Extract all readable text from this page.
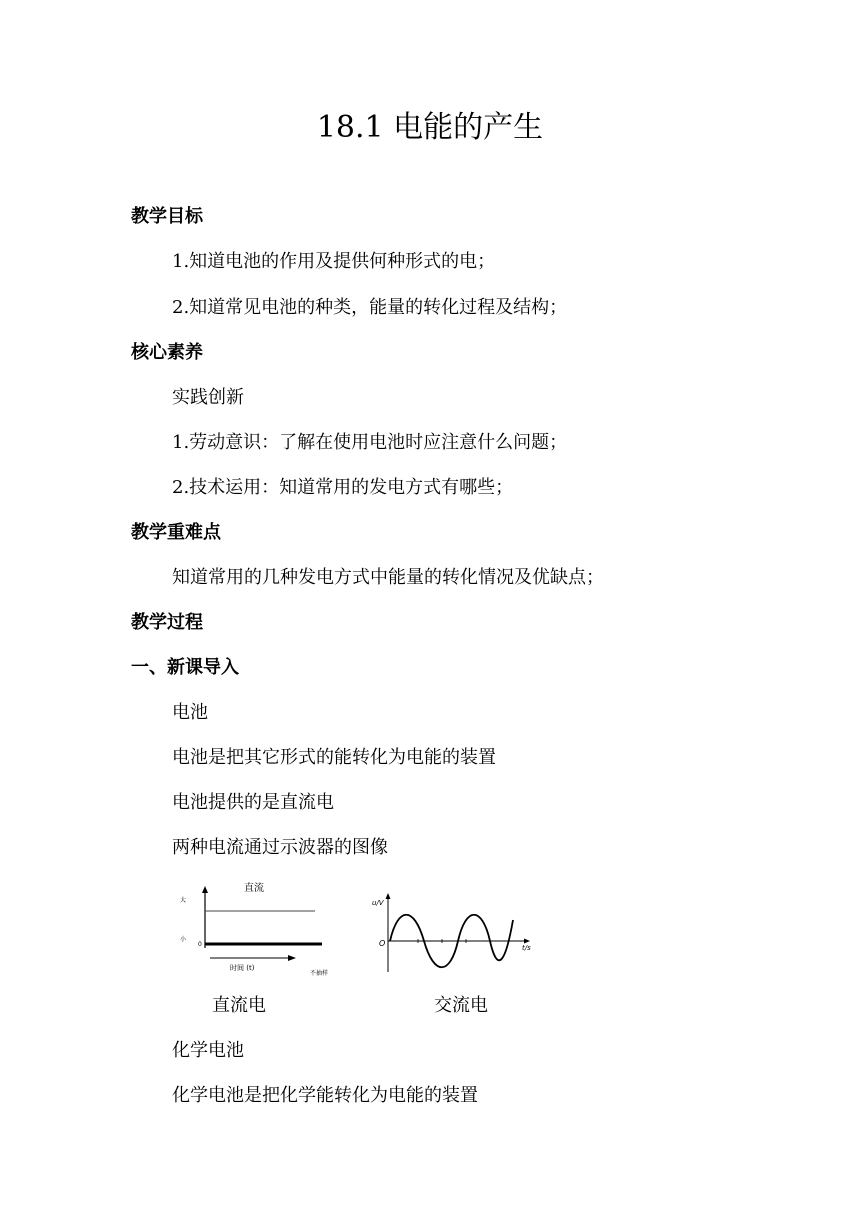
18.1 电能的产生
教学目标
1.知道电池的作用及提供何种形式的电；
2.知道常见电池的种类，能量的转化过程及结构；
核心素养
实践创新
1.劳动意识：了解在使用电池时应注意什么问题；
2.技术运用：知道常用的发电方式有哪些；
教学重难点
知道常用的几种发电方式中能量的转化情况及优缺点；
教学过程
一、新课导入
电池
电池是把其它形式的能转化为电能的装置
电池提供的是直流电
两种电流通过示波器的图像
直流
大
小
0
时间 (t)
不抽样
u/V
O	t/s
直流电	交流电
化学电池
化学电池是把化学能转化为电能的装置
